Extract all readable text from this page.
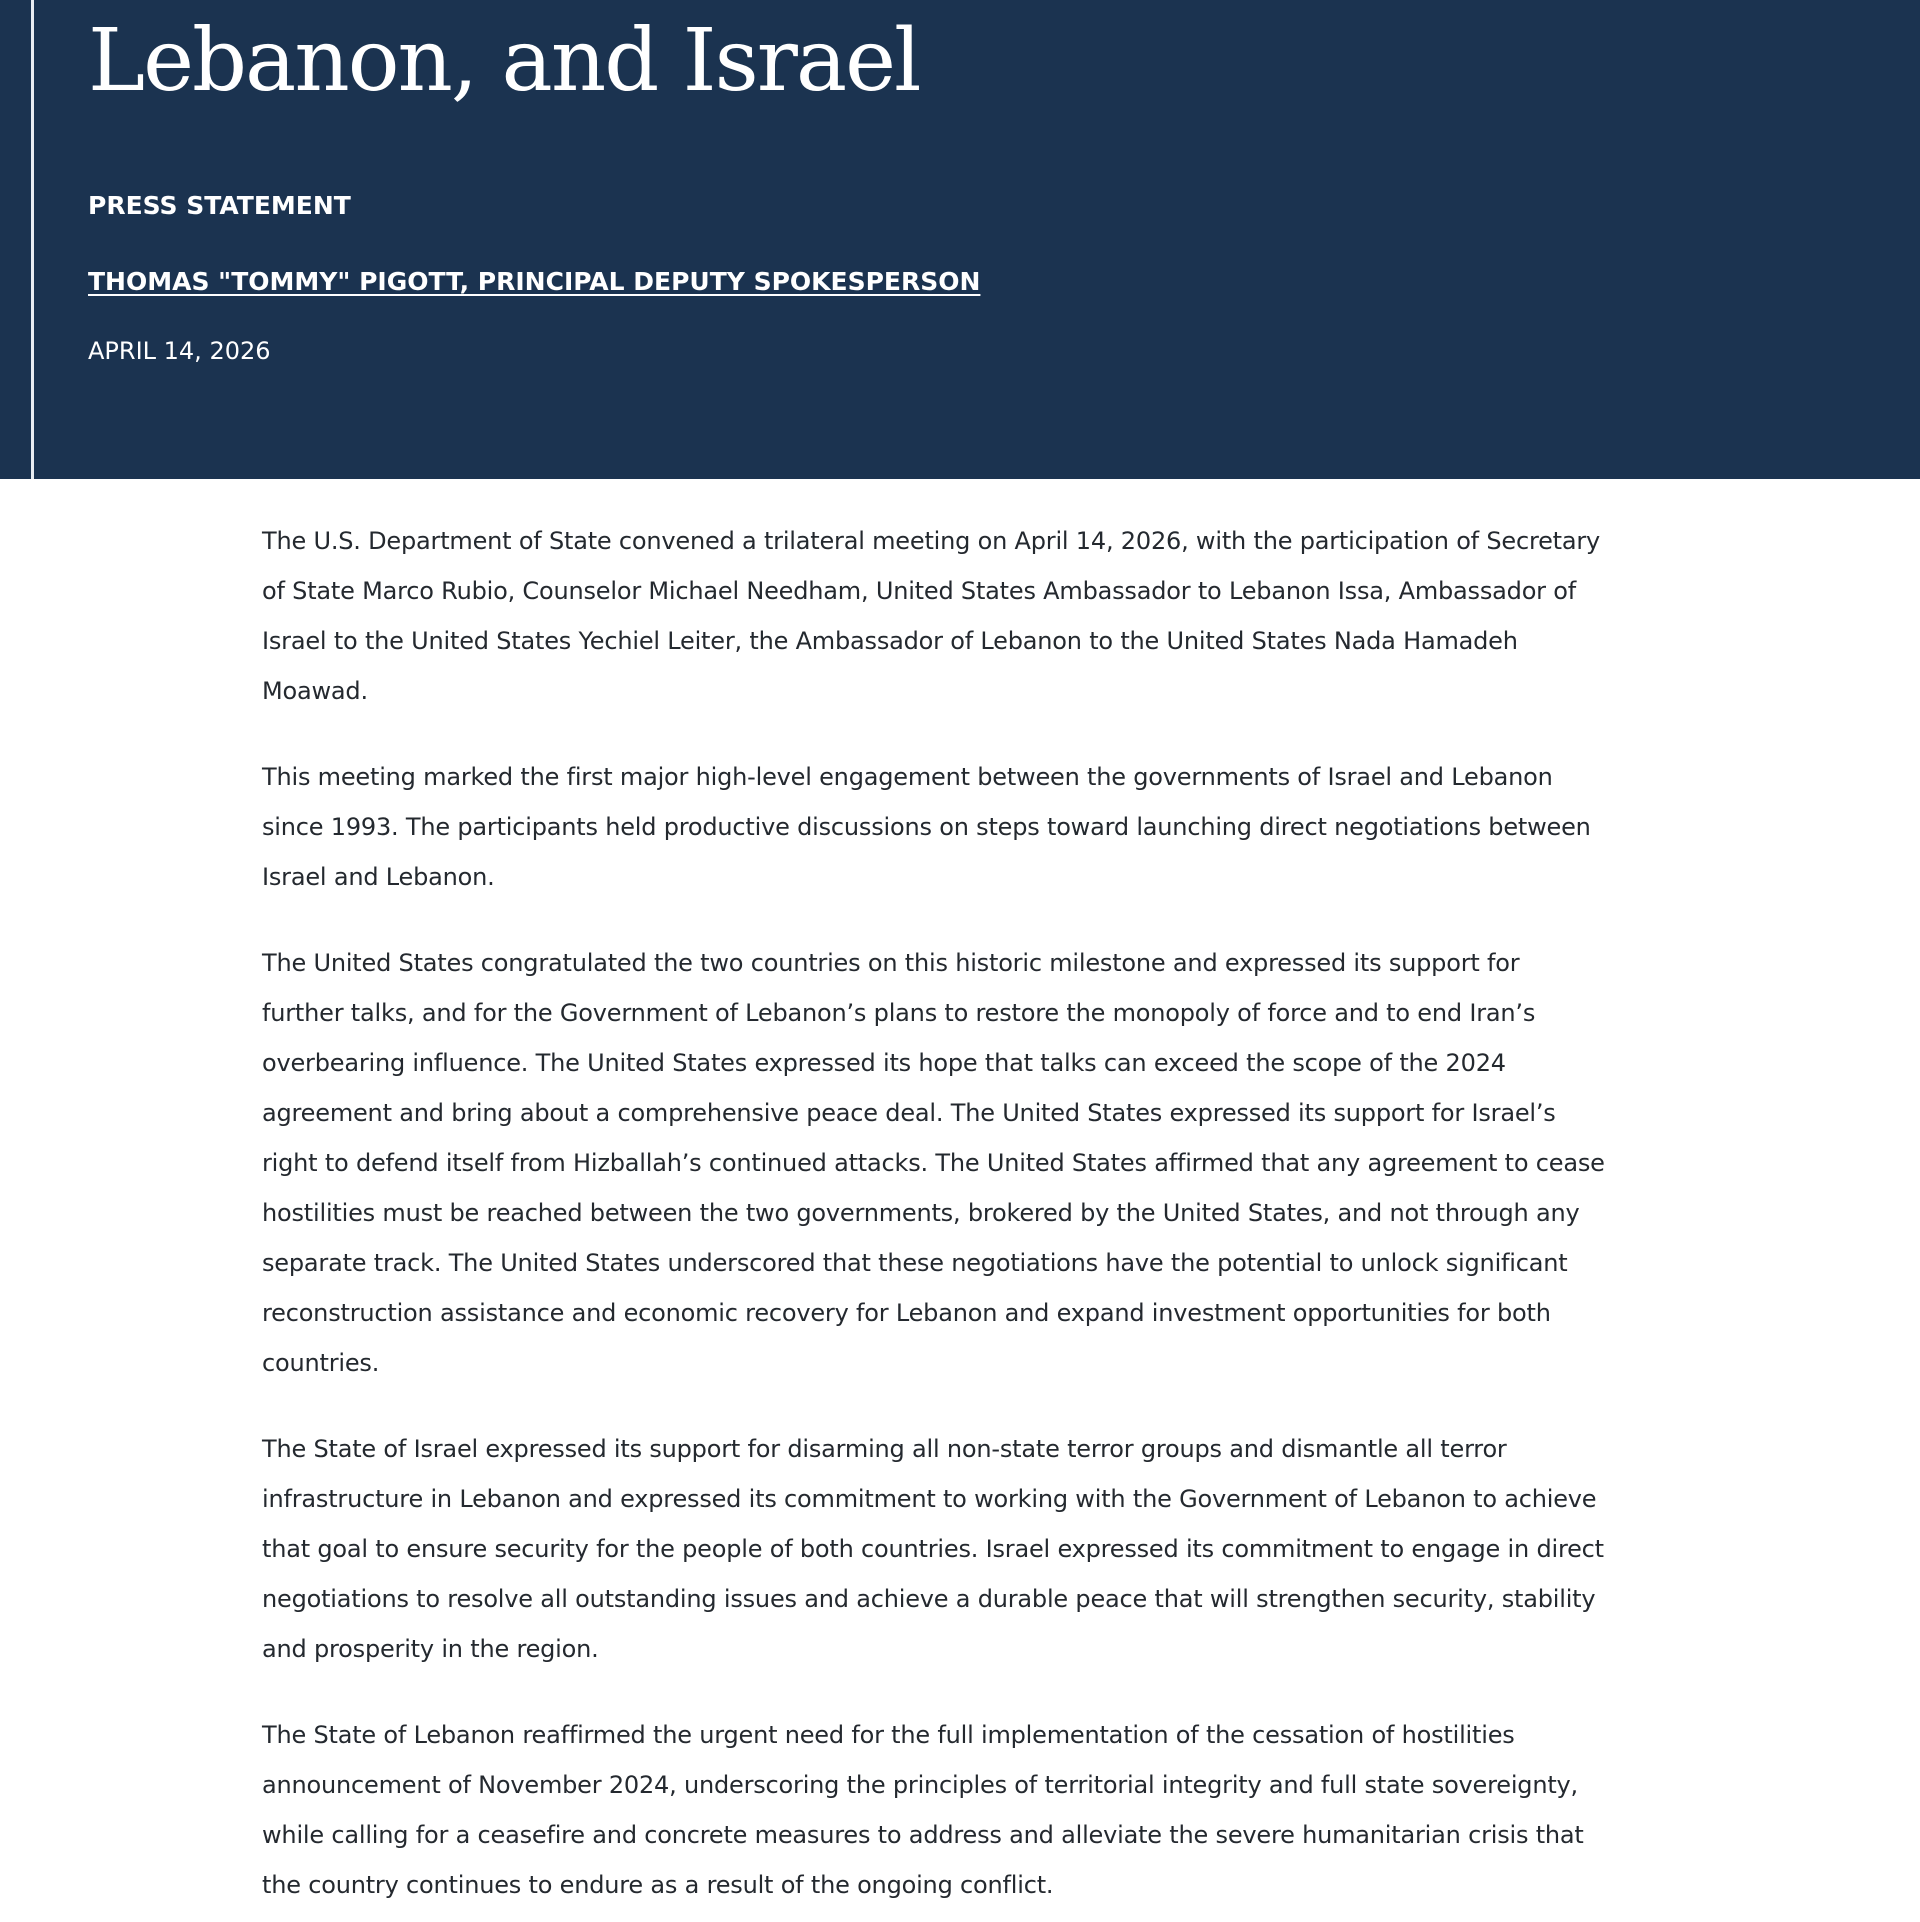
Lebanon, and Israel
PRESS STATEMENT
THOMAS "TOMMY" PIGOTT, PRINCIPAL DEPUTY SPOKESPERSON
APRIL 14, 2026

The U.S. Department of State convened a trilateral meeting on April 14, 2026, with the participation of Secretary of State Marco Rubio, Counselor Michael Needham, United States Ambassador to Lebanon Issa, Ambassador of Israel to the United States Yechiel Leiter, the Ambassador of Lebanon to the United States Nada Hamadeh Moawad.

This meeting marked the first major high-level engagement between the governments of Israel and Lebanon since 1993. The participants held productive discussions on steps toward launching direct negotiations between Israel and Lebanon.

The United States congratulated the two countries on this historic milestone and expressed its support for further talks, and for the Government of Lebanon’s plans to restore the monopoly of force and to end Iran’s overbearing influence. The United States expressed its hope that talks can exceed the scope of the 2024 agreement and bring about a comprehensive peace deal. The United States expressed its support for Israel’s right to defend itself from Hizballah’s continued attacks. The United States affirmed that any agreement to cease hostilities must be reached between the two governments, brokered by the United States, and not through any separate track. The United States underscored that these negotiations have the potential to unlock significant reconstruction assistance and economic recovery for Lebanon and expand investment opportunities for both countries.

The State of Israel expressed its support for disarming all non-state terror groups and dismantle all terror infrastructure in Lebanon and expressed its commitment to working with the Government of Lebanon to achieve that goal to ensure security for the people of both countries. Israel expressed its commitment to engage in direct negotiations to resolve all outstanding issues and achieve a durable peace that will strengthen security, stability and prosperity in the region.

The State of Lebanon reaffirmed the urgent need for the full implementation of the cessation of hostilities announcement of November 2024, underscoring the principles of territorial integrity and full state sovereignty, while calling for a ceasefire and concrete measures to address and alleviate the severe humanitarian crisis that the country continues to endure as a result of the ongoing conflict.
